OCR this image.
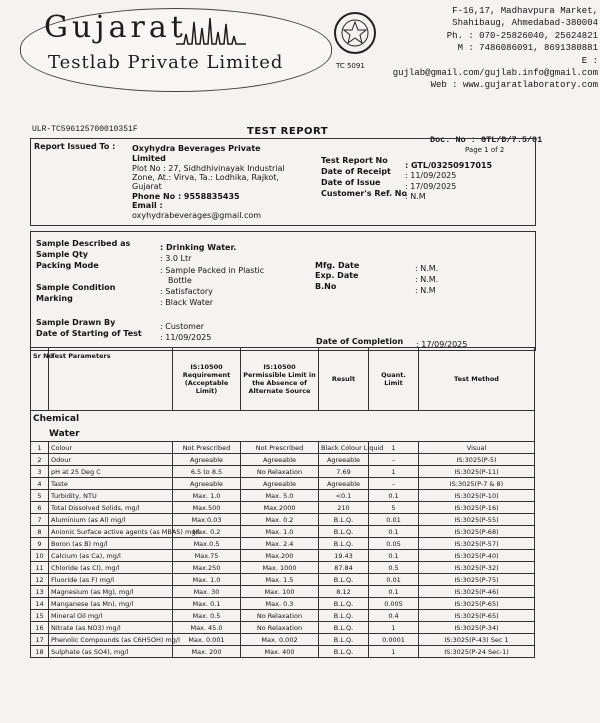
Gujarat
Testlab Private Limited	TC 5091
F-16,17, Madhavpura Market,
Shahibaug, Ahmedabad-380004
Ph. : 070-25826040, 25624821
M : 7486086091, 8691380881
E : gujlab@gmail.com/gujlab.info@gmail.com
Web : www.gujaratlaboratory.com
ULR-TC596125700010351F	TEST REPORT
Doc. No : GTL/D/7.5/01
Page 1 of 2
Report Issued To : Oxyhydra Beverages Private
Limited
Plot No : 27, Sidhdhivinayak Industrial
Zone, At.: Virva, Ta.: Lodhika, Rajkot,
Gujarat
Phone No : 9558835435
Email :
oxyhydrabeverages@gmail.com
Test Report No
: GTL/03250917015
Date of Receipt : 11/09/2025
Date of Issue	: 17/09/2025
Customer's Ref. No
: N.M
Sample Described as	: Drinking Water.
Sample Qty	: 3.0 Ltr
Packing Mode
: Sample Packed in Plastic
Bottle
Sample Condition	: Satisfactory
Marking	: Black Water
Mfg. Date	: N.M.
Exp. Date	: N.M.
B.No	: N.M
Sample Drawn By	: Customer
Date of Starting of Test : 11/09/2025	Date of Completion : 17/09/2025
Sr No	Test Parameters	IS:10500 Requirement (Acceptable Limit)	IS:10500 Permissible Limit in the Absence of Alternate Source	Result	Quant. Limit	Test Method
Chemical						
Water						
1	Colour	Not Prescribed	Not Prescribed	Black Colour Liquid	1	Visual
2	Odour	Agreeable	Agreeable	Agreeable	–	IS:3025(P-5)
3	pH at 25 Deg C	6.5 to 8.5	No Relaxation	7.69	1	IS:3025(P-11)
4	Taste	Agreeable	Agreeable	Agreeable	–	IS:3025(P-7 & 8)
5	Turbidity, NTU	Max. 1.0	Max. 5.0	<0.1	0.1	IS:3025(P-10)
6	Total Dissolved Solids, mg/l	Max.500	Max.2000	210	5	IS:3025(P-16)
7	Aluminium (as Al) mg/l	Max.0.03	Max. 0.2	B.L.Q.	0.01	IS:3025(P-55)
8	Anionic Surface active agents (as MBAS) mg/l	Max. 0.2	Max. 1.0	B.L.Q.	0.1	IS:3025(P-68)
9	Boron (as B) mg/l	Max.0.5	Max. 2.4	B.L.Q.	0.05	IS:3025(P-57)
10	Calcium (as Ca), mg/l	Max.75	Max.200	19.43	0.1	IS:3025(P-40)
11	Chloride (as Cl), mg/l	Max.250	Max. 1000	87.84	0.5	IS:3025(P-32)
12	Fluoride (as F) mg/l	Max. 1.0	Max. 1.5	B.L.Q.	0.01	IS:3025(P-75)
13	Magnesium (as Mg), mg/l	Max. 30	Max. 100	8.12	0.1	IS:3025(P-46)
14	Manganese (as Mn), mg/l	Max. 0.1	Max. 0.3	B.L.Q.	0.005	IS:3025(P-65)
15	Mineral Oil mg/l	Max. 0.5	No Relaxation	B.L.Q.	0.4	IS:3025(P-65)
16	Nitrate (as NO3) mg/l	Max. 45.0	No Relaxation	B.L.Q.	1	IS:3025(P-34)
17	Phenolic Compounds (as C6H5OH) mg/l	Max. 0.001	Max. 0.002	B.L.Q.	0.0001	IS:3025(P-43) Sec 1
18	Sulphate (as SO4), mg/l	Max. 200	Max. 400	B.L.Q.	1	IS:3025(P-24 Sec-1)
